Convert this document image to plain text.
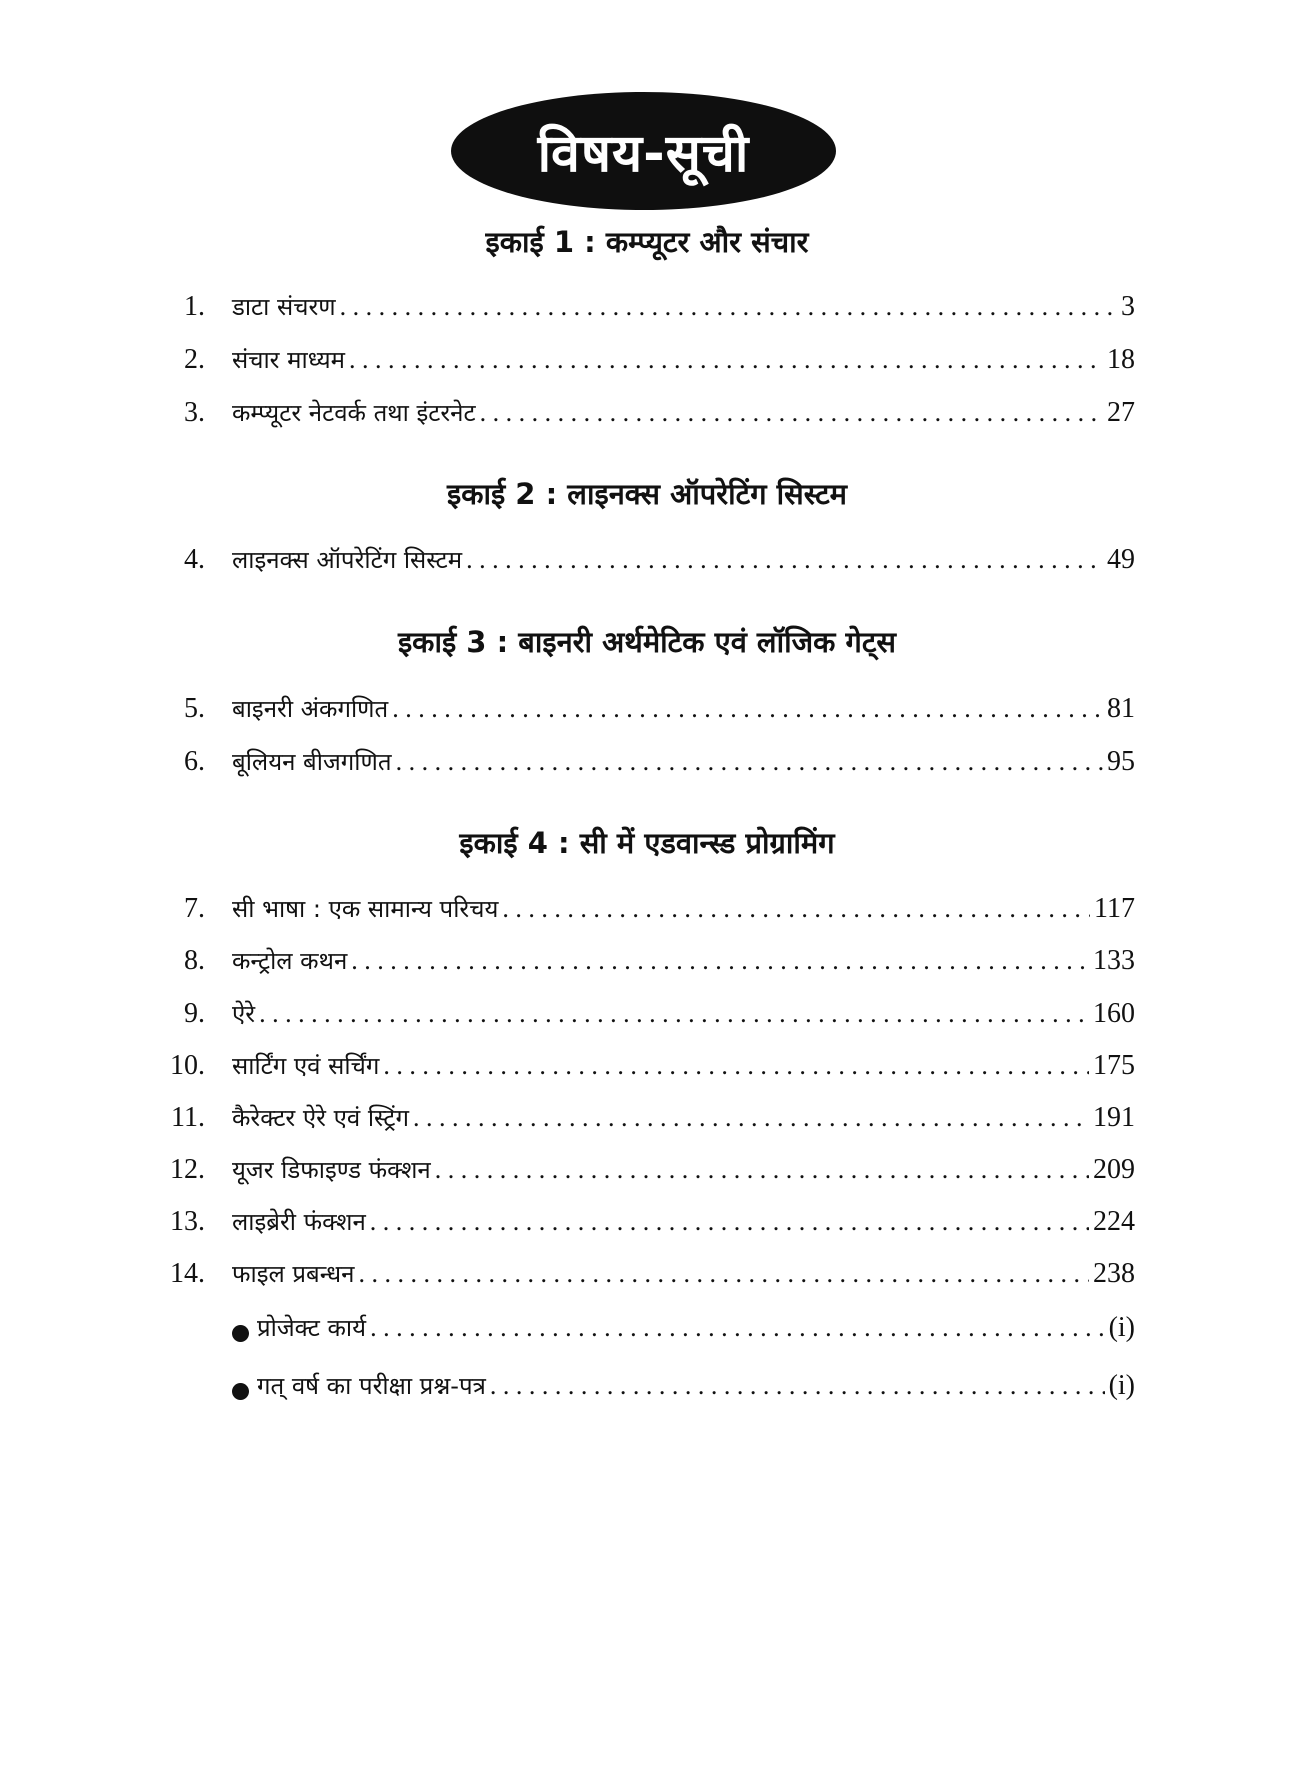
विषय-सूची
इकाई 1 : कम्प्यूटर और संचार
1. डाटा संचरण . . .	3
2. संचार माध्यम . . .	18
3. कम्प्यूटर नेटवर्क तथा इंटरनेट . . .	27
इकाई 2 : लाइनक्स ऑपरेटिंग सिस्टम
4. लाइनक्स ऑपरेटिंग सिस्टम . . .	49
इकाई 3 : बाइनरी अर्थमेटिक एवं लॉजिक गेट्स
5. बाइनरी अंकगणित . . .	81
6. बूलियन बीजगणित . . .	95
इकाई 4 : सी में एडवान्स्ड प्रोग्रामिंग
7. सी भाषा : एक सामान्य परिचय . . .	117
8. कन्ट्रोल कथन . . .	133
9. ऐरे . . .	160
10. सार्टिंग एवं सर्चिंग . . .	175
11. कैरेक्टर ऐरे एवं स्ट्रिंग . . .	191
12. यूजर डिफाइण्ड फंक्शन . . .	209
13. लाइब्रेरी फंक्शन . . .	224
14. फाइल प्रबन्धन . . .	238
प्रोजेक्ट कार्य . . .	(i)
गत् वर्ष का परीक्षा प्रश्न-पत्र . . .	(i)
